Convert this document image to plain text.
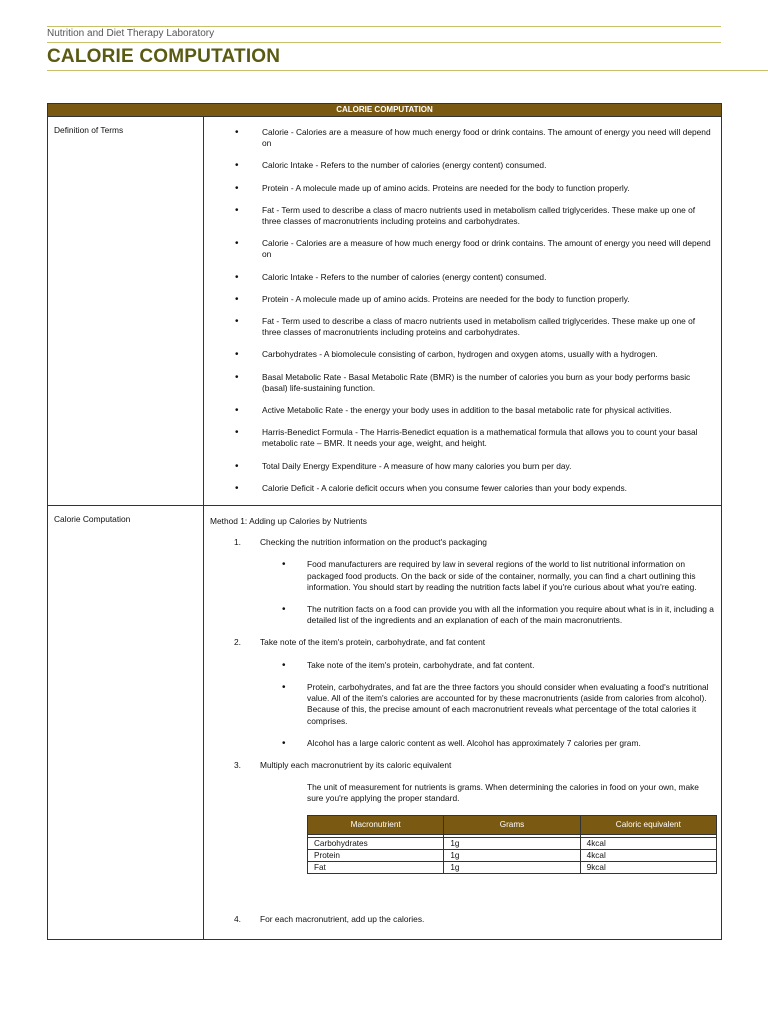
Nutrition and Diet Therapy Laboratory
CALORIE COMPUTATION
CALORIE COMPUTATION
Definition of Terms	
•Calorie - Calories are a measure of how much energy food or drink contains. The amount of energy you need will depend on
• Caloric Intake - Refers to the number of calories (energy content) consumed.
• Protein - A molecule made up of amino acids. Proteins are needed for the body to function properly.
• Fat - Term used to describe a class of macro nutrients used in metabolism called triglycerides. These make up one of three classes of macronutrients including proteins and carbohydrates.
• Calorie - Calories are a measure of how much energy food or drink contains. The amount of energy you need will depend on
• Caloric Intake - Refers to the number of calories (energy content) consumed.
• Protein - A molecule made up of amino acids. Proteins are needed for the body to function properly.
• Fat - Term used to describe a class of macro nutrients used in metabolism called triglycerides. These make up one of three classes of macronutrients including proteins and carbohydrates.
• Carbohydrates - A biomolecule consisting of carbon, hydrogen and oxygen atoms, usually with a hydrogen.
• Basal Metabolic Rate - Basal Metabolic Rate (BMR) is the number of calories you burn as your body performs basic (basal) life-sustaining function.
• Active Metabolic Rate - the energy your body uses in addition to the basal metabolic rate for physical activities.
• Harris-Benedict Formula - The Harris-Benedict equation is a mathematical formula that allows you to count your basal metabolic rate – BMR. It needs your age, weight, and height.
• Total Daily Energy Expenditure - A measure of how many calories you burn per day.
• Calorie Deficit - A calorie deficit occurs when you consume fewer calories than your body expends.

Calorie Computation	Method 1: Adding up Calories by Nutrients
1. Checking the nutrition information on the product's packaging
• Food manufacturers are required by law in several regions of the world to list nutritional information on packaged food products. On the back or side of the container, normally, you can find a chart outlining this information. You should start by reading the nutrition facts label if you're curious about what you're eating.
• The nutrition facts on a food can provide you with all the information you require about what is in it, including a detailed list of the ingredients and an explanation of each of the main macronutrients.
2. Take note of the item's protein, carbohydrate, and fat content
• Take note of the item's protein, carbohydrate, and fat content.
• Protein, carbohydrates, and fat are the three factors you should consider when evaluating a food's nutritional value. All of the item's calories are accounted for by these macronutrients (aside from calories from alcohol). Because of this, the precise amount of each macronutrient reveals what percentage of the total calories it comprises.
• Alcohol has a large caloric content as well. Alcohol has approximately 7 calories per gram.
3. Multiply each macronutrient by its caloric equivalent
The unit of measurement for nutrients is grams. When determining the calories in food on your own, make sure you're applying the proper standard.
Macronutrient	Grams	Caloric equivalent

Carbohydrates	1g	4kcal
Protein	1g	4kcal
Fat	1g	9kcal
4. For each macronutrient, add up the calories.
